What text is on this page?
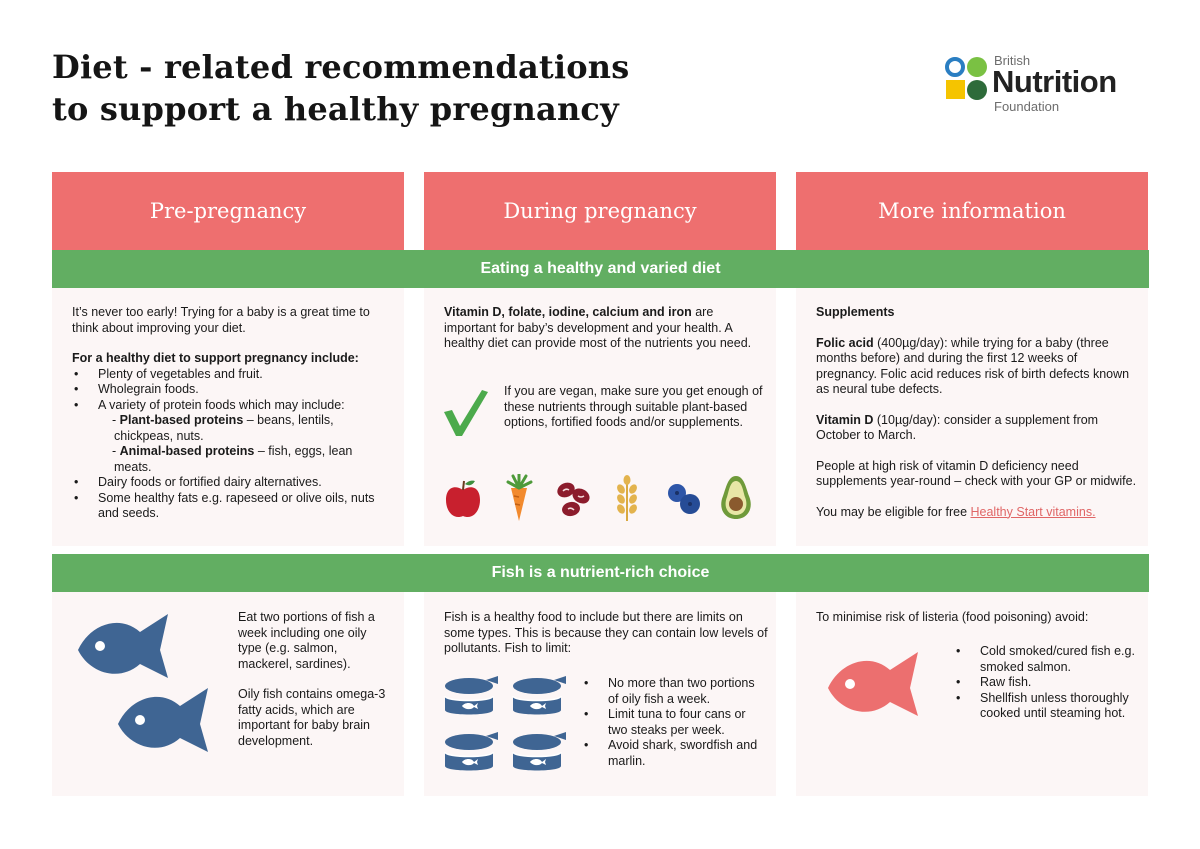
Diet - related recommendations
to support a healthy pregnancy
British
Nutrition
Foundation
Pre-pregnancy	During pregnancy	More information
Eating a healthy and varied diet

It’s never too early! Trying for a baby is a great time to think about improving your diet.

For a healthy diet to support pregnancy include:

• Plenty of vegetables and fruit.
• Wholegrain foods.
• A variety of protein foods which may include:
- Plant-based proteins – beans, lentils, chickpeas, nuts.
- Animal-based proteins – fish, eggs, lean meats.
• Dairy foods or fortified dairy alternatives.
• Some healthy fats e.g. rapeseed or olive oils, nuts and seeds.

Vitamin D, folate, iodine, calcium and iron are important for baby’s development and your health. A healthy diet can provide most of the nutrients you need.

If you are vegan, make sure you get enough of these nutrients through suitable plant-based options, fortified foods and/or supplements.

Supplements

Folic acid (400µg/day): while trying for a baby (three months before) and during the first 12 weeks of pregnancy. Folic acid reduces risk of birth defects known as neural tube defects.

Vitamin D (10µg/day): consider a supplement from October to March.

People at high risk of vitamin D deficiency need supplements year-round – check with your GP or midwife.

You may be eligible for free Healthy Start vitamins.

Fish is a nutrient-rich choice

Eat two portions of fish a week including one oily type (e.g. salmon, mackerel, sardines).

Oily fish contains omega-3 fatty acids, which are important for baby brain development.

Fish is a healthy food to include but there are limits on some types. This is because they can contain low levels of pollutants. Fish to limit:

• No more than two portions of oily fish a week.
• Limit tuna to four cans or two steaks per week.
• Avoid shark, swordfish and marlin.

To minimise risk of listeria (food poisoning) avoid:

• Cold smoked/cured fish e.g. smoked salmon.
• Raw fish.
• Shellfish unless thoroughly cooked until steaming hot.
